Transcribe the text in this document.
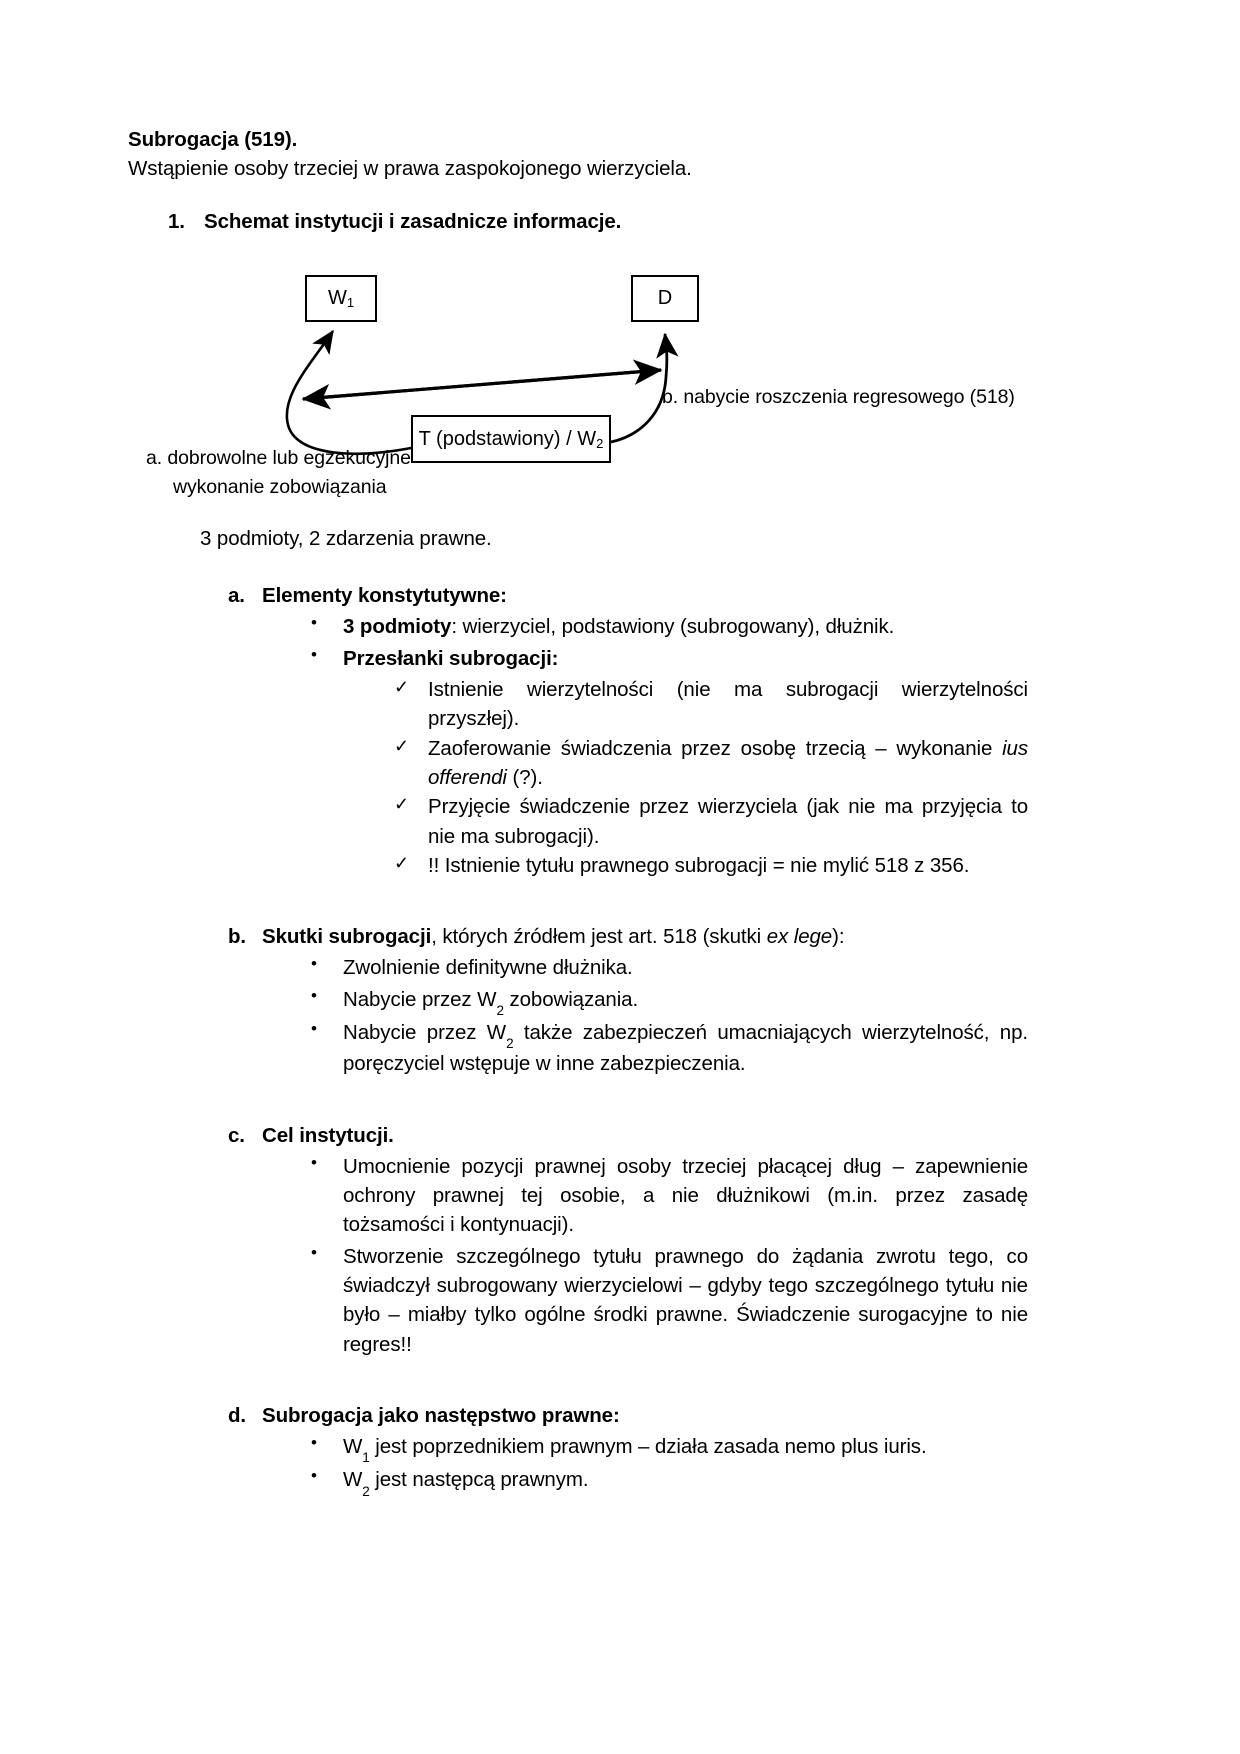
Subrogacja (519).
Wstąpienie osoby trzeciej w prawa zaspokojonego wierzyciela.
1. Schemat instytucji i zasadnicze informacje.
$W_1$	D
T (podstawiony) / $W_2$
b. nabycie roszczenia regresowego (518)
a. dobrowolne lub egzekucyjne
wykonanie zobowiązania
3 podmioty, 2 zdarzenia prawne.
a. Elementy konstytutywne:
• 3 podmioty: wierzyciel, podstawiony (subrogowany), dłużnik.
• Przesłanki subrogacji:
✓ Istnienie wierzytelności (nie ma subrogacji wierzytelności przyszłej).
✓ Zaoferowanie świadczenia przez osobę trzecią – wykonanie ius offerendi (?).
✓ Przyjęcie świadczenie przez wierzyciela (jak nie ma przyjęcia to nie ma subrogacji).
✓ !! Istnienie tytułu prawnego subrogacji = nie mylić 518 z 356.
b. Skutki subrogacji, których źródłem jest art. 518 (skutki ex lege):
• Zwolnienie definitywne dłużnika.
• Nabycie przez $W_2$ zobowiązania.
• Nabycie przez $W_2$ także zabezpieczeń umacniających wierzytelność, np. poręczyciel wstępuje w inne zabezpieczenia.
c. Cel instytucji.
• Umocnienie pozycji prawnej osoby trzeciej płacącej dług – zapewnienie ochrony prawnej tej osobie, a nie dłużnikowi (m.in. przez zasadę tożsamości i kontynuacji).
• Stworzenie szczególnego tytułu prawnego do żądania zwrotu tego, co świadczył subrogowany wierzycielowi – gdyby tego szczególnego tytułu nie było – miałby tylko ogólne środki prawne. Świadczenie surogacyjne to nie regres!!
d. Subrogacja jako następstwo prawne:
• $W_1$ jest poprzednikiem prawnym – działa zasada nemo plus iuris.
• $W_2$ jest następcą prawnym.
